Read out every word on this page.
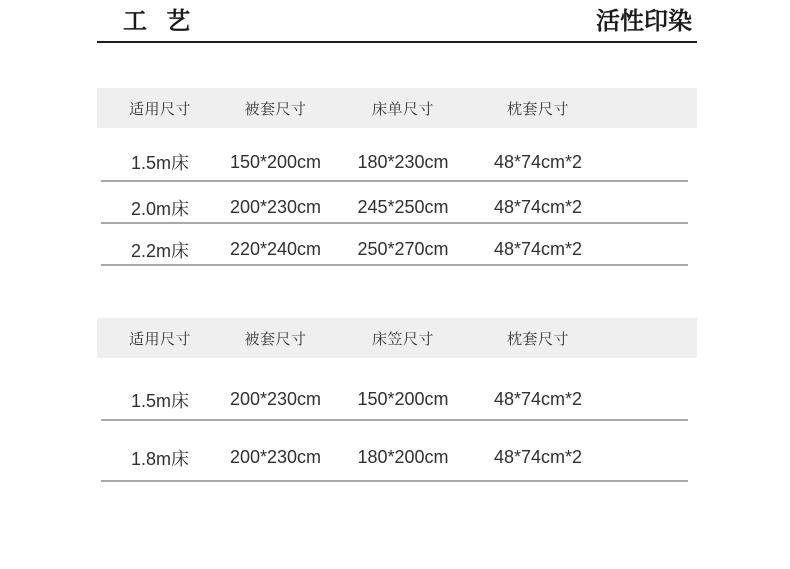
工艺	活性印染
适用尺寸	被套尺寸	床单尺寸	枕套尺寸
1.5m床	150*200cm	180*230cm	48*74cm*2
2.0m床	200*230cm	245*250cm	48*74cm*2
2.2m床	220*240cm	250*270cm	48*74cm*2
适用尺寸	被套尺寸	床笠尺寸	枕套尺寸
1.5m床	200*230cm	150*200cm	48*74cm*2
1.8m床	200*230cm	180*200cm	48*74cm*2
